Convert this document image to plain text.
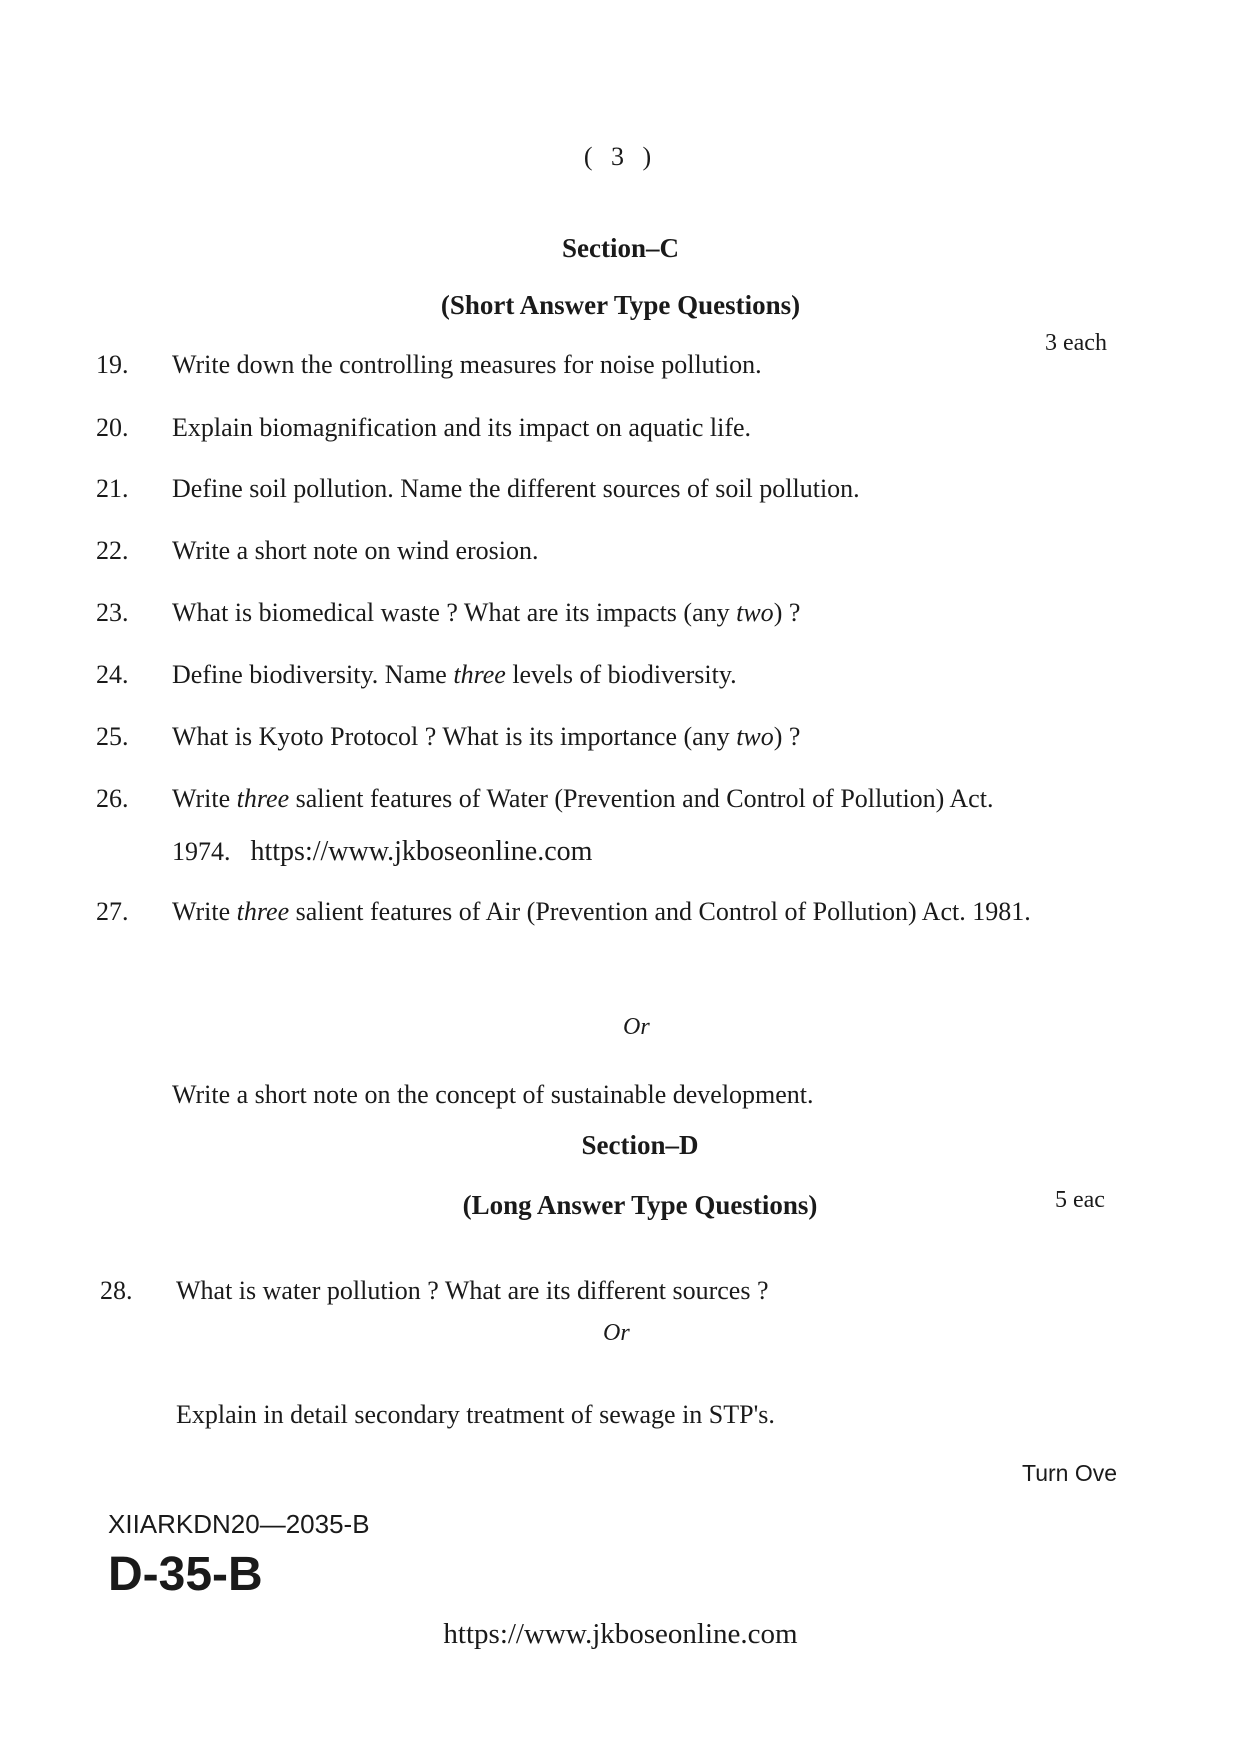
( 3 )
Section–C
(Short Answer Type Questions)
3 each
19. Write down the controlling measures for noise pollution.
20. Explain biomagnification and its impact on aquatic life.
21. Define soil pollution. Name the different sources of soil pollution.
22. Write a short note on wind erosion.
23. What is biomedical waste ? What are its impacts (any two) ?
24. Define biodiversity. Name three levels of biodiversity.
25. What is Kyoto Protocol ? What is its importance (any two) ?
26. Write three salient features of Water (Prevention and Control of Pollution) Act. 1974. https://www.jkboseonline.com
27. Write three salient features of Air (Prevention and Control of Pollution) Act. 1981.
Or
Write a short note on the concept of sustainable development.
Section–D
(Long Answer Type Questions)	5 eac
28. What is water pollution ? What are its different sources ?
Or
Explain in detail secondary treatment of sewage in STP's.
Turn Ove
XIIARKDN20—2035-B
D-35-B
https://www.jkboseonline.com
